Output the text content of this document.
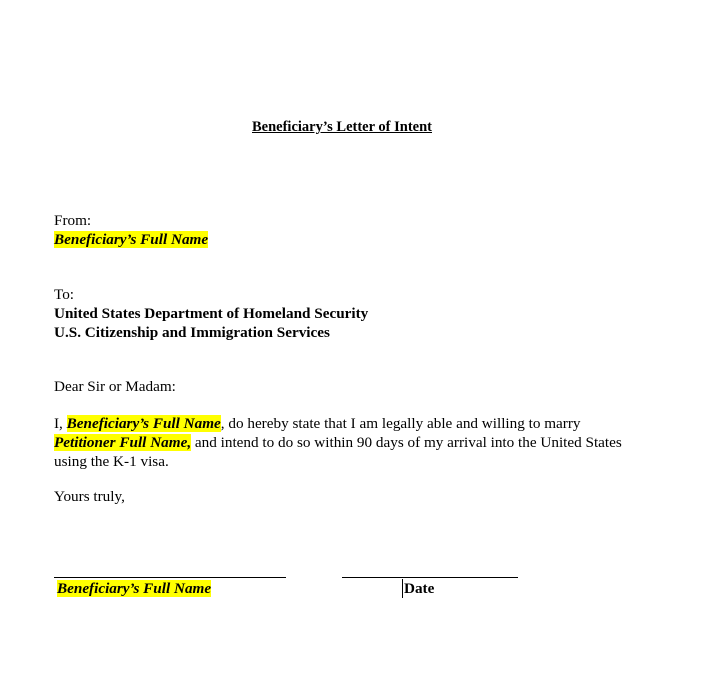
Beneficiary’s Letter of Intent
From:
Beneficiary’s Full Name
To:
United States Department of Homeland Security
U.S. Citizenship and Immigration Services
Dear Sir or Madam:
I, Beneficiary’s Full Name, do hereby state that I am legally able and willing to marry Petitioner Full Name, and intend to do so within 90 days of my arrival into the United States using the K-1 visa.
Yours truly,
Beneficiary’s Full Name	Date
